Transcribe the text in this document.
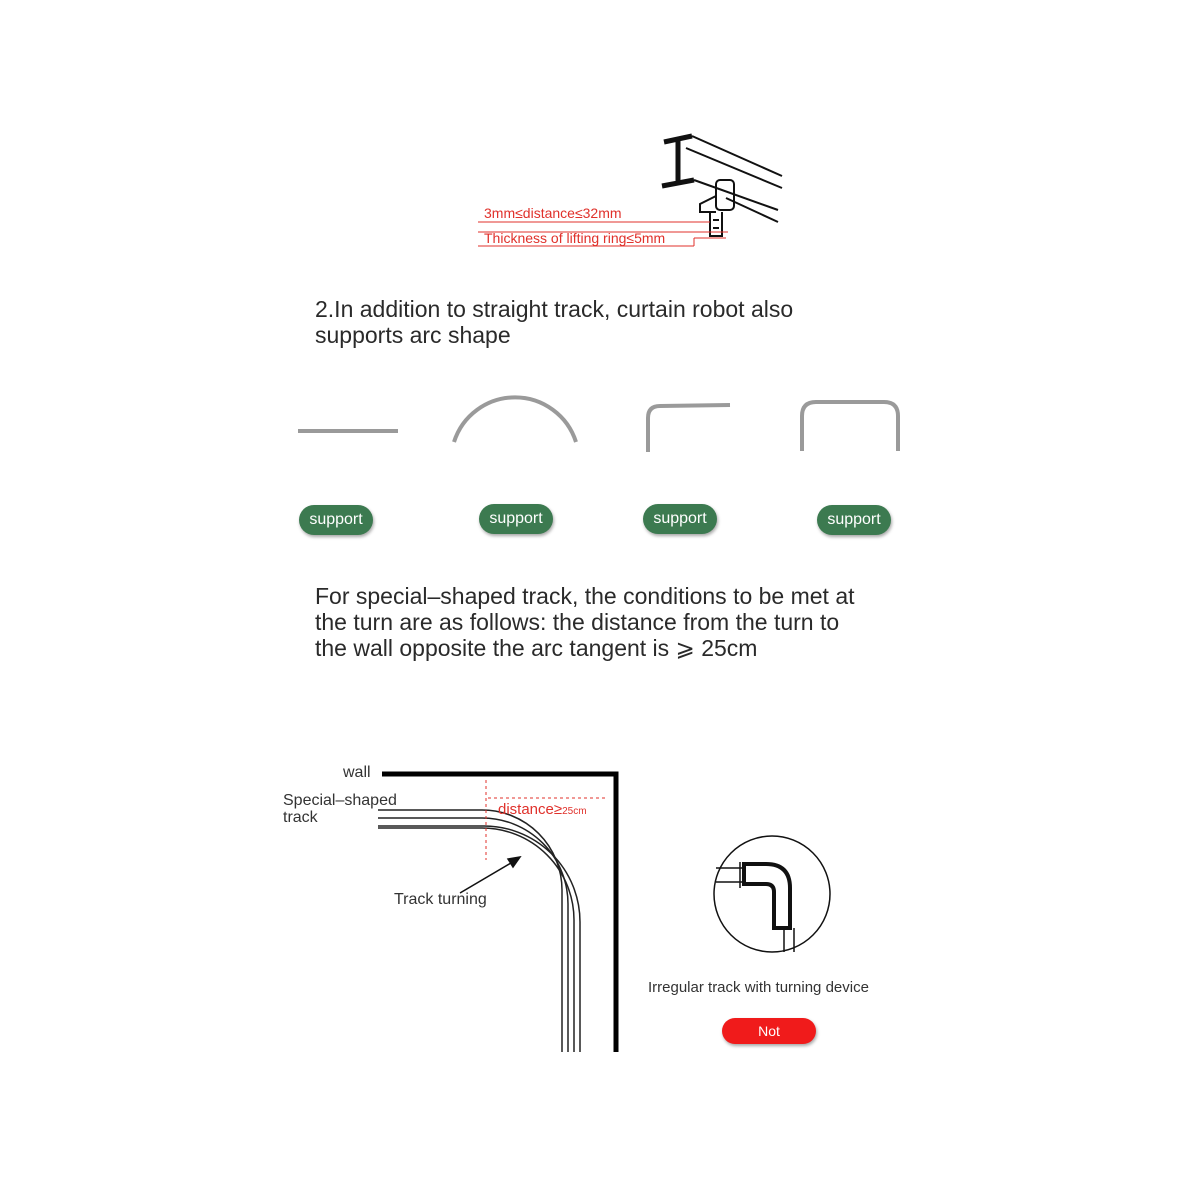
3mm≤distance≤32mm
Thickness of lifting ring≤5mm
2.In addition to straight track, curtain robot also
supports arc shape
support	support	support	support
For special–shaped track, the conditions to be met at
the turn are as follows: the distance from the turn to
the wall opposite the arc tangent is ⩾ 25cm
wall
Special–shaped
track	distance≥25cm
Track turning
Irregular track with turning device
Not Supported
